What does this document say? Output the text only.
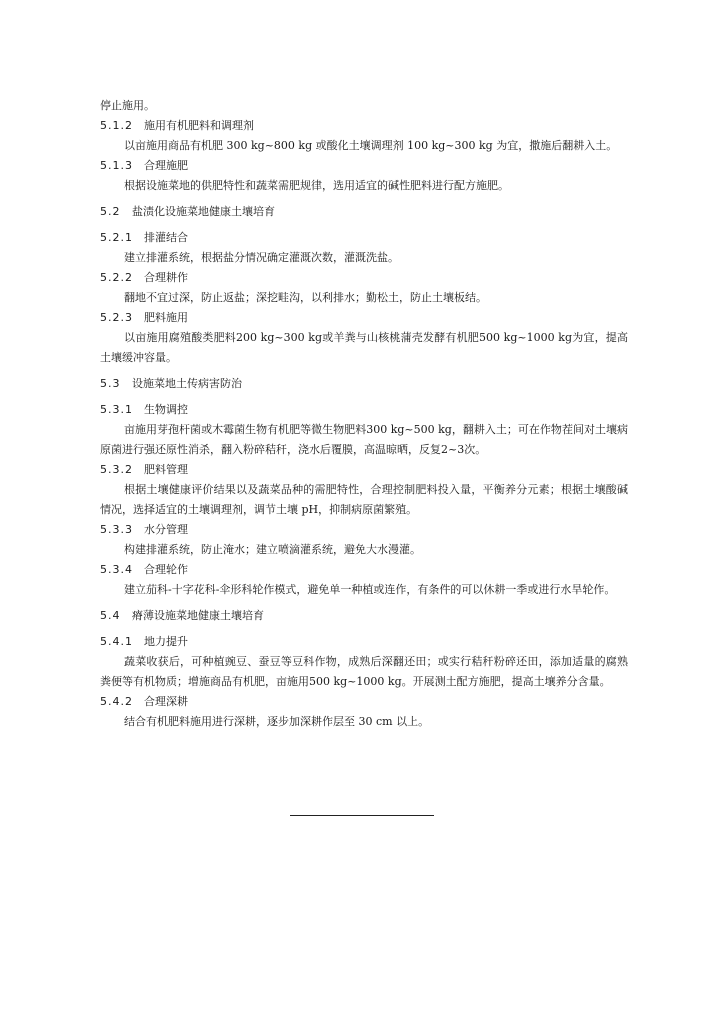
停止施用。

5.1.2 施用有机肥料和调理剂

以亩施用商品有机肥 300 kg~800 kg 或酸化土壤调理剂 100 kg~300 kg 为宜，撒施后翻耕入土。

5.1.3 合理施肥

根据设施菜地的供肥特性和蔬菜需肥规律，选用适宜的碱性肥料进行配方施肥。

5.2 盐渍化设施菜地健康土壤培育
5.2.1 排灌结合

建立排灌系统，根据盐分情况确定灌溉次数，灌溉洗盐。

5.2.2 合理耕作

翻地不宜过深，防止返盐；深挖畦沟，以利排水；勤松土，防止土壤板结。

5.2.3 肥料施用

以亩施用腐殖酸类肥料200 kg~300 kg或羊粪与山核桃蒲壳发酵有机肥500 kg~1000 kg为宜，提高土壤缓冲容量。

5.3 设施菜地土传病害防治
5.3.1 生物调控

亩施用芽孢杆菌或木霉菌生物有机肥等微生物肥料300 kg~500 kg，翻耕入土；可在作物茬间对土壤病原菌进行强还原性消杀，翻入粉碎秸秆，浇水后覆膜，高温晾晒，反复2~3次。

5.3.2 肥料管理

根据土壤健康评价结果以及蔬菜品种的需肥特性，合理控制肥料投入量，平衡养分元素；根据土壤酸碱情况，选择适宜的土壤调理剂，调节土壤 pH，抑制病原菌繁殖。

5.3.3 水分管理

构建排灌系统，防止淹水；建立喷滴灌系统，避免大水漫灌。

5.3.4 合理轮作

建立茄科-十字花科-伞形科轮作模式，避免单一种植或连作，有条件的可以休耕一季或进行水旱轮作。

5.4 瘠薄设施菜地健康土壤培育
5.4.1 地力提升

蔬菜收获后，可种植豌豆、蚕豆等豆科作物，成熟后深翻还田；或实行秸秆粉碎还田，添加适量的腐熟粪便等有机物质；增施商品有机肥，亩施用500 kg~1000 kg。开展测土配方施肥，提高土壤养分含量。

5.4.2 合理深耕

结合有机肥料施用进行深耕，逐步加深耕作层至 30 cm 以上。
